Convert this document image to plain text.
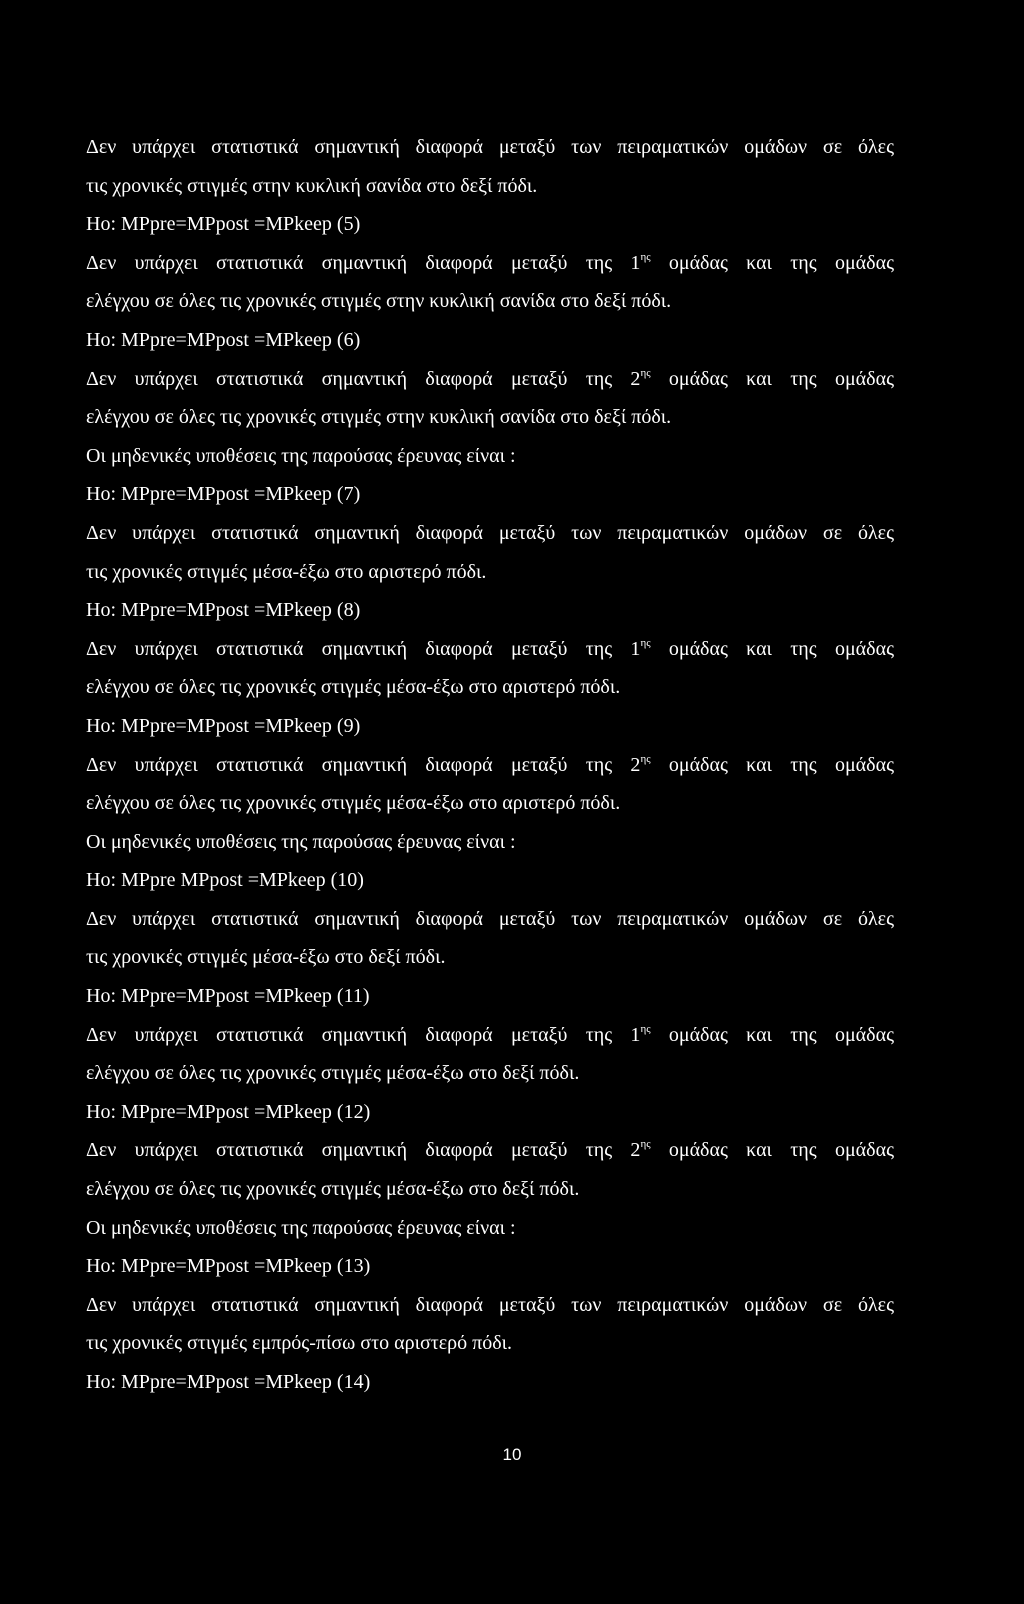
Δεν υπάρχει στατιστικά σημαντική διαφορά μεταξύ των πειραματικών ομάδων σε όλες
τις χρονικές στιγμές στην κυκλική σανίδα στο δεξί πόδι.
Ho: MPpre=MPpost =MPkeep (5)
Δεν υπάρχει στατιστικά σημαντική διαφορά μεταξύ της $1^{\eta\varsigma}$ ομάδας και της ομάδας
ελέγχου σε όλες τις χρονικές στιγμές στην κυκλική σανίδα στο δεξί πόδι.
Ho: MPpre=MPpost =MPkeep (6)
Δεν υπάρχει στατιστικά σημαντική διαφορά μεταξύ της $2^{\eta\varsigma}$ ομάδας και της ομάδας
ελέγχου σε όλες τις χρονικές στιγμές στην κυκλική σανίδα στο δεξί πόδι.
Οι μηδενικές υποθέσεις της παρούσας έρευνας είναι :
Ho: MPpre=MPpost =MPkeep (7)
Δεν υπάρχει στατιστικά σημαντική διαφορά μεταξύ των πειραματικών ομάδων σε όλες
τις χρονικές στιγμές μέσα-έξω στο αριστερό πόδι.
Ho: MPpre=MPpost =MPkeep (8)
Δεν υπάρχει στατιστικά σημαντική διαφορά μεταξύ της $1^{\eta\varsigma}$ ομάδας και της ομάδας
ελέγχου σε όλες τις χρονικές στιγμές μέσα-έξω στο αριστερό πόδι.
Ho: MPpre=MPpost =MPkeep (9)
Δεν υπάρχει στατιστικά σημαντική διαφορά μεταξύ της $2^{\eta\varsigma}$ ομάδας και της ομάδας
ελέγχου σε όλες τις χρονικές στιγμές μέσα-έξω στο αριστερό πόδι.
Οι μηδενικές υποθέσεις της παρούσας έρευνας είναι :
Ho: MPpre MPpost =MPkeep (10)
Δεν υπάρχει στατιστικά σημαντική διαφορά μεταξύ των πειραματικών ομάδων σε όλες
τις χρονικές στιγμές μέσα-έξω στο δεξί πόδι.
Ho: MPpre=MPpost =MPkeep (11)
Δεν υπάρχει στατιστικά σημαντική διαφορά μεταξύ της $1^{\eta\varsigma}$ ομάδας και της ομάδας
ελέγχου σε όλες τις χρονικές στιγμές μέσα-έξω στο δεξί πόδι.
Ho: MPpre=MPpost =MPkeep (12)
Δεν υπάρχει στατιστικά σημαντική διαφορά μεταξύ της $2^{\eta\varsigma}$ ομάδας και της ομάδας
ελέγχου σε όλες τις χρονικές στιγμές μέσα-έξω στο δεξί πόδι.
Οι μηδενικές υποθέσεις της παρούσας έρευνας είναι :
Ho: MPpre=MPpost =MPkeep (13)
Δεν υπάρχει στατιστικά σημαντική διαφορά μεταξύ των πειραματικών ομάδων σε όλες
τις χρονικές στιγμές εμπρός-πίσω στο αριστερό πόδι.
Ho: MPpre=MPpost =MPkeep (14)
10
